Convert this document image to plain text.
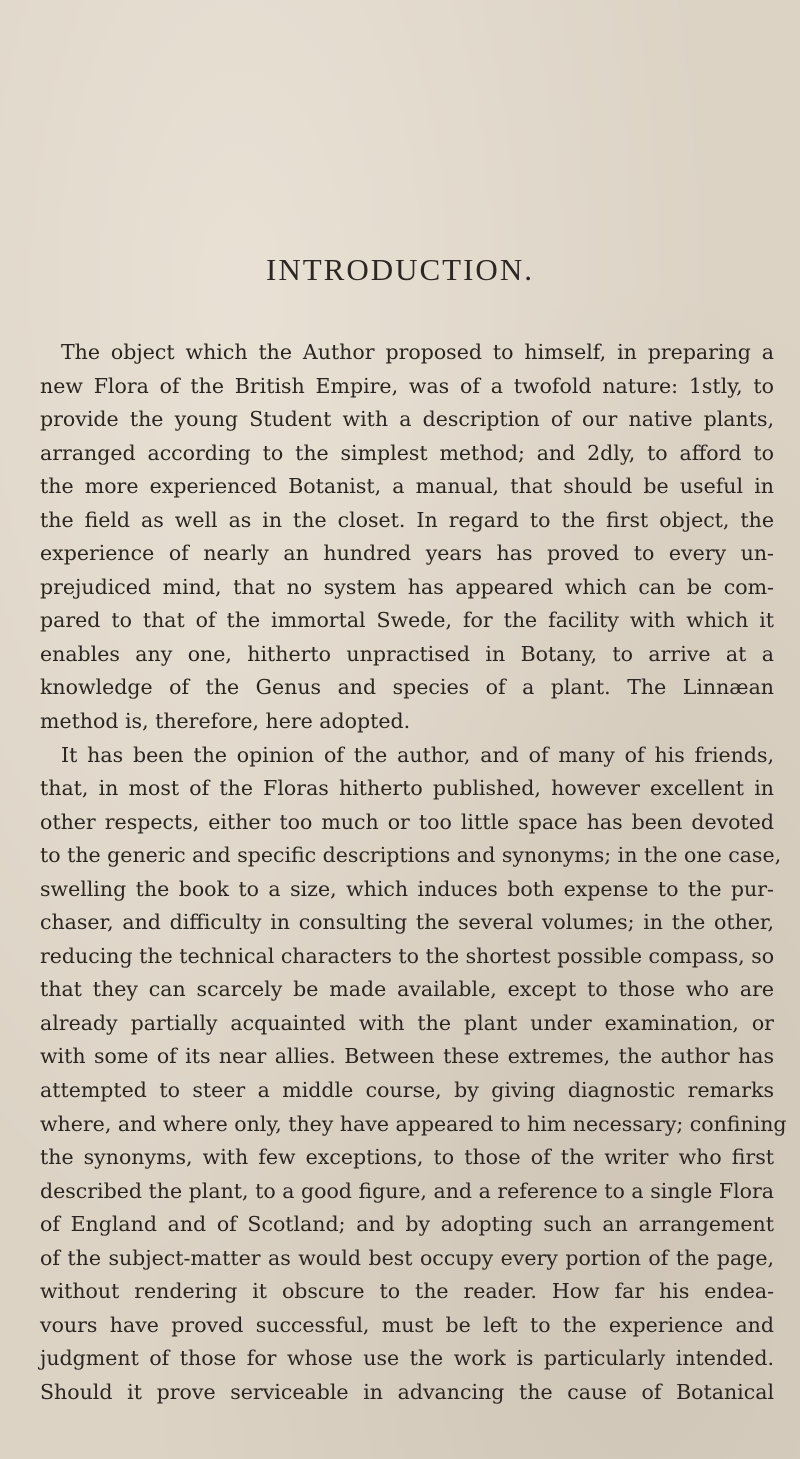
INTRODUCTION.
The object which the Author proposed to himself, in preparing a
new Flora of the British Empire, was of a twofold nature: 1stly, to
provide the young Student with a description of our native plants,
arranged according to the simplest method; and 2dly, to afford to
the more experienced Botanist, a manual, that should be useful in
the field as well as in the closet. In regard to the first object, the
experience of nearly an hundred years has proved to every un-
prejudiced mind, that no system has appeared which can be com-
pared to that of the immortal Swede, for the facility with which it
enables any one, hitherto unpractised in Botany, to arrive at a
knowledge of the Genus and species of a plant. The Linnæan
method is, therefore, here adopted.
It has been the opinion of the author, and of many of his friends,
that, in most of the Floras hitherto published, however excellent in
other respects, either too much or too little space has been devoted
to the generic and specific descriptions and synonyms; in the one case,
swelling the book to a size, which induces both expense to the pur-
chaser, and difficulty in consulting the several volumes; in the other,
reducing the technical characters to the shortest possible compass, so
that they can scarcely be made available, except to those who are
already partially acquainted with the plant under examination, or
with some of its near allies. Between these extremes, the author has
attempted to steer a middle course, by giving diagnostic remarks
where, and where only, they have appeared to him necessary; confining
the synonyms, with few exceptions, to those of the writer who first
described the plant, to a good figure, and a reference to a single Flora
of England and of Scotland; and by adopting such an arrangement
of the subject-matter as would best occupy every portion of the page,
without rendering it obscure to the reader. How far his endea-
vours have proved successful, must be left to the experience and
judgment of those for whose use the work is particularly intended.
Should it prove serviceable in advancing the cause of Botanical
